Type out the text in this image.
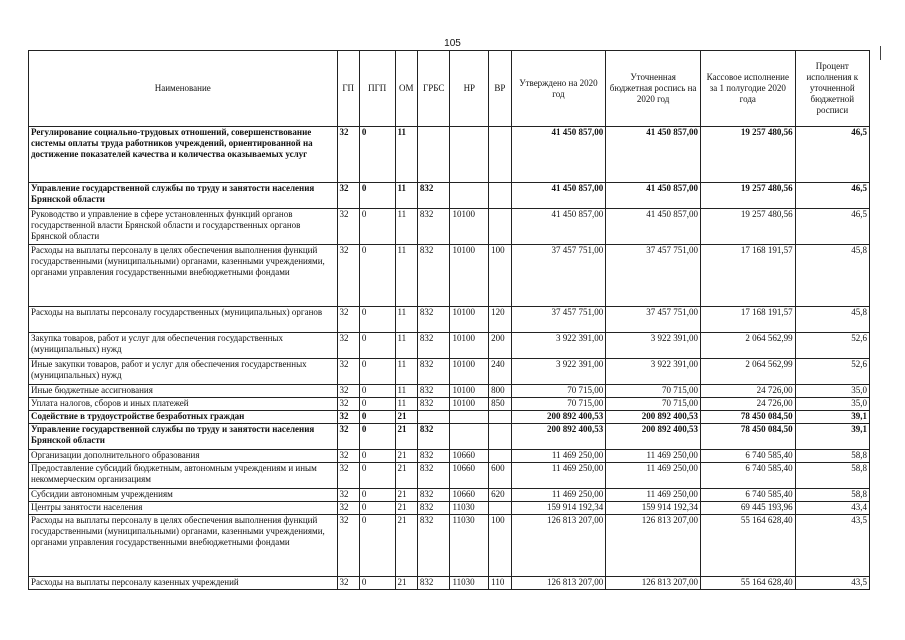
105
Наименование	ГП	ПГП	ОМ	ГРБС	НР	ВР	Утверждено на 2020 год	Уточненная бюджетная роспись на 2020 год	Кассовое исполнение за 1 полугодие 2020 года	Процент исполнения к уточненной бюджетной росписи
Регулирование социально-трудовых отношений, совершенствование системы оплаты труда работников учреждений, ориентированной на достижение показателей качества и количества оказываемых услуг	32	0	11				41 450 857,00	41 450 857,00	19 257 480,56	46,5
Управление государственной службы по труду и занятости населения Брянской области	32	0	11	832			41 450 857,00	41 450 857,00	19 257 480,56	46,5
Руководство и управление в сфере установленных функций органов государственной власти Брянской области и государственных органов Брянской области	32	0	11	832	10100		41 450 857,00	41 450 857,00	19 257 480,56	46,5
Расходы на выплаты персоналу в целях обеспечения выполнения функций государственными (муниципальными) органами, казенными учреждениями, органами управления государственными внебюджетными фондами	32	0	11	832	10100	100	37 457 751,00	37 457 751,00	17 168 191,57	45,8
Расходы на выплаты персоналу государственных (муниципальных) органов	32	0	11	832	10100	120	37 457 751,00	37 457 751,00	17 168 191,57	45,8
Закупка товаров, работ и услуг для обеспечения государственных (муниципальных) нужд	32	0	11	832	10100	200	3 922 391,00	3 922 391,00	2 064 562,99	52,6
Иные закупки товаров, работ и услуг для обеспечения государственных (муниципальных) нужд	32	0	11	832	10100	240	3 922 391,00	3 922 391,00	2 064 562,99	52,6
Иные бюджетные ассигнования	32	0	11	832	10100	800	70 715,00	70 715,00	24 726,00	35,0
Уплата налогов, сборов и иных платежей	32	0	11	832	10100	850	70 715,00	70 715,00	24 726,00	35,0
Содействие в трудоустройстве безработных граждан	32	0	21				200 892 400,53	200 892 400,53	78 450 084,50	39,1
Управление государственной службы по труду и занятости населения Брянской области	32	0	21	832			200 892 400,53	200 892 400,53	78 450 084,50	39,1
Организации дополнительного образования	32	0	21	832	10660		11 469 250,00	11 469 250,00	6 740 585,40	58,8
Предоставление субсидий бюджетным, автономным учреждениям и иным некоммерческим организациям	32	0	21	832	10660	600	11 469 250,00	11 469 250,00	6 740 585,40	58,8
Субсидии автономным учреждениям	32	0	21	832	10660	620	11 469 250,00	11 469 250,00	6 740 585,40	58,8
Центры занятости населения	32	0	21	832	11030		159 914 192,34	159 914 192,34	69 445 193,96	43,4
Расходы на выплаты персоналу в целях обеспечения выполнения функций государственными (муниципальными) органами, казенными учреждениями, органами управления государственными внебюджетными фондами	32	0	21	832	11030	100	126 813 207,00	126 813 207,00	55 164 628,40	43,5
Расходы на выплаты персоналу казенных учреждений	32	0	21	832	11030	110	126 813 207,00	126 813 207,00	55 164 628,40	43,5
